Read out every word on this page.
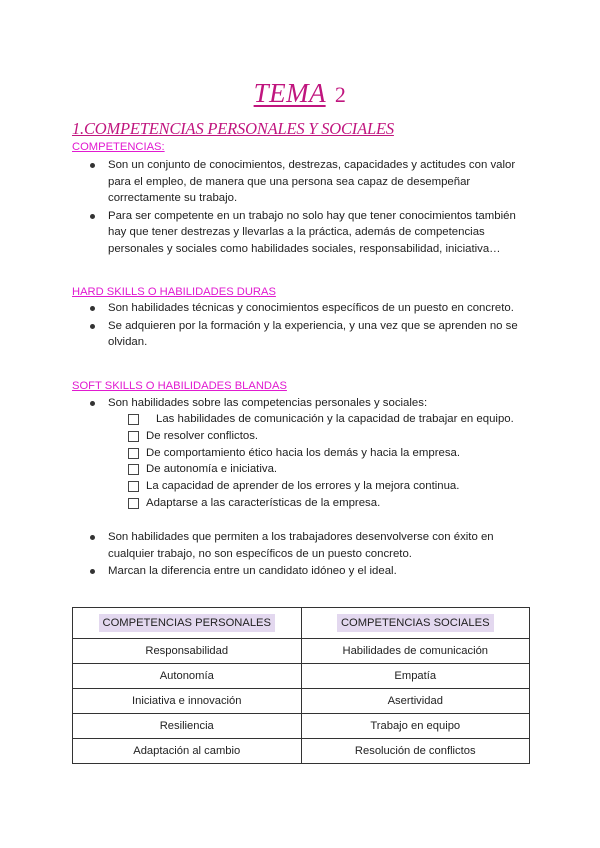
TEMA 2
1.COMPETENCIAS PERSONALES Y SOCIALES
COMPETENCIAS:
Son un conjunto de conocimientos, destrezas, capacidades y actitudes con valor para el empleo, de manera que una persona sea capaz de desempeñar correctamente su trabajo.
Para ser competente en un trabajo no solo hay que tener conocimientos también hay que tener destrezas y llevarlas a la práctica, además de competencias personales y sociales como habilidades sociales, responsabilidad, iniciativa…
HARD SKILLS O HABILIDADES DURAS
Son habilidades técnicas y conocimientos específicos de un puesto en concreto.
Se adquieren por la formación y la experiencia, y una vez que se aprenden no se olvidan.
SOFT SKILLS O HABILIDADES BLANDAS
Son habilidades sobre las competencias personales y sociales:
Las habilidades de comunicación y la capacidad de trabajar en equipo.
De resolver conflictos.
De comportamiento ético hacia los demás y hacia la empresa.
De autonomía e iniciativa.
La capacidad de aprender de los errores y la mejora continua.
Adaptarse a las características de la empresa.
Son habilidades que permiten a los trabajadores desenvolverse con éxito en cualquier trabajo, no son específicos de un puesto concreto.
Marcan la diferencia entre un candidato idóneo y el ideal.
COMPETENCIAS PERSONALES	COMPETENCIAS SOCIALES
Responsabilidad	Habilidades de comunicación
Autonomía	Empatía
Iniciativa e innovación	Asertividad
Resiliencia	Trabajo en equipo
Adaptación al cambio	Resolución de conflictos
